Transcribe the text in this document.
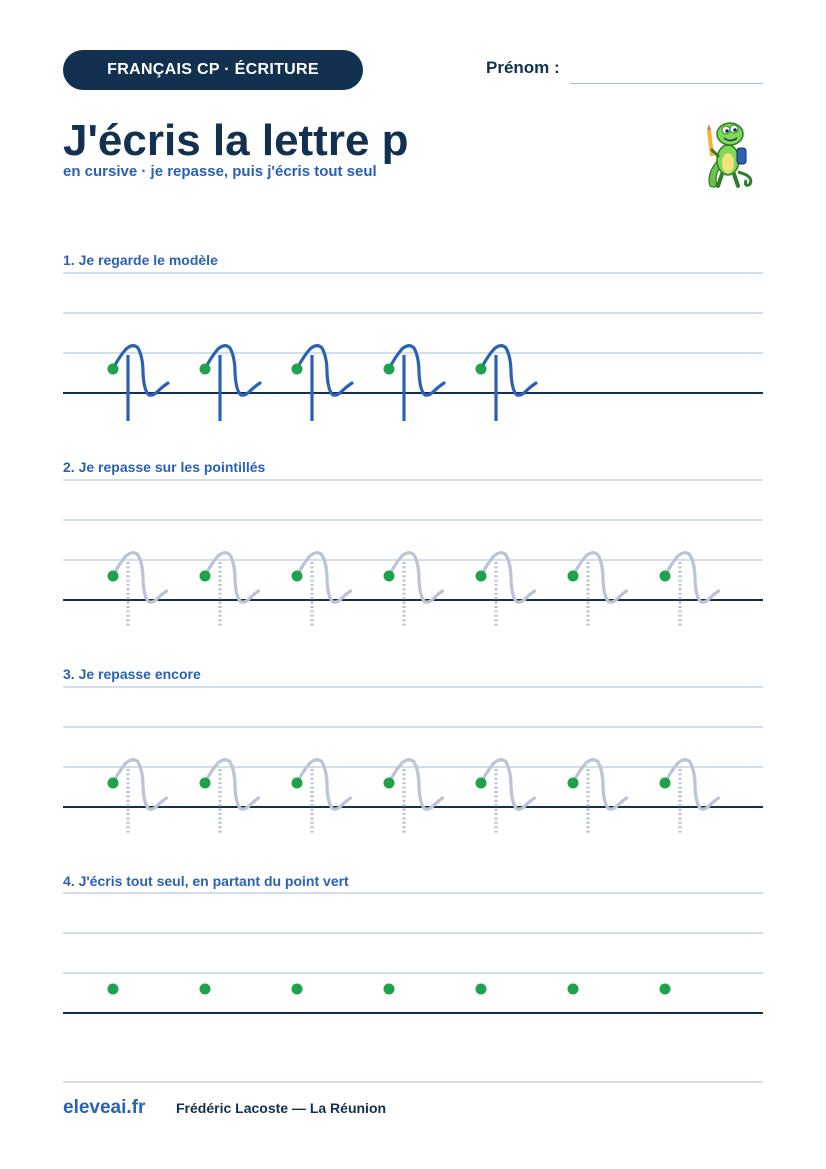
FRANÇAIS CP · ÉCRITURE	Prénom :
J'écris la lettre p
en cursive · je repasse, puis j'écris tout seul
1. Je regarde le modèle
2. Je repasse sur les pointillés
3. Je repasse encore
4. J'écris tout seul, en partant du point vert
eleveai.fr Frédéric Lacoste — La Réunion
